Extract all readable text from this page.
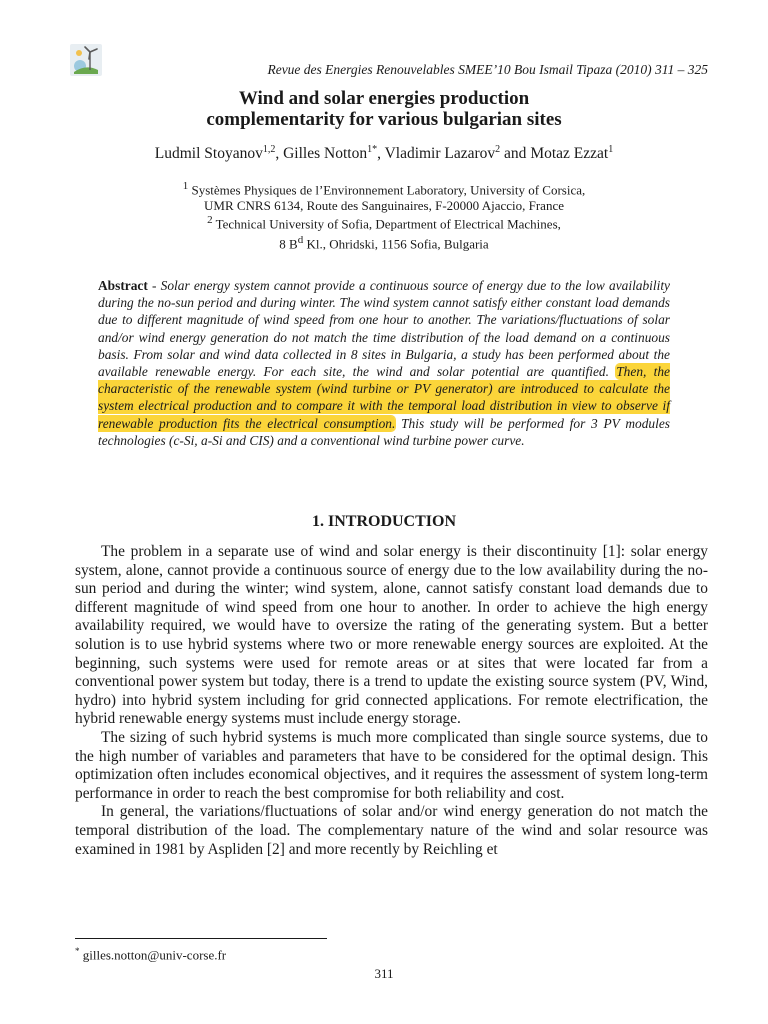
Revue des Energies Renouvelables SMEE’10 Bou Ismail Tipaza (2010) 311 – 325
Wind and solar energies production
complementarity for various bulgarian sites
Ludmil Stoyanov$^{1,2}$, Gilles Notton$^{1*}$, Vladimir Lazarov$^2$ and Motaz Ezzat$^1$
$^1$ Systèmes Physiques de l’Environnement Laboratory, University of Corsica,
UMR CNRS 6134, Route des Sanguinaires, F-20000 Ajaccio, France
$^2$ Technical University of Sofia, Department of Electrical Machines,
8 $B^d$ Kl., Ohridski, 1156 Sofia, Bulgaria

Abstract - Solar energy system cannot provide a continuous source of energy due to the low availability during the no-sun period and during winter. The wind system cannot satisfy either constant load demands due to different magnitude of wind speed from one hour to another. The variations/fluctuations of solar and/or wind energy generation do not match the time distribution of the load demand on a continuous basis. From solar and wind data collected in 8 sites in Bulgaria, a study has been performed about the available renewable energy. For each site, the wind and solar potential are quantified. Then, the characteristic of the renewable system (wind turbine or PV generator) are introduced to calculate the system electrical production and to compare it with the temporal load distribution in view to observe if renewable production fits the electrical consumption. This study will be performed for 3 PV modules technologies (c-Si, a-Si and CIS) and a conventional wind turbine power curve.

1. INTRODUCTION

The problem in a separate use of wind and solar energy is their discontinuity [1]: solar energy system, alone, cannot provide a continuous source of energy due to the low availability during the no-sun period and during the winter; wind system, alone, cannot satisfy constant load demands due to different magnitude of wind speed from one hour to another. In order to achieve the high energy availability required, we would have to oversize the rating of the generating system. But a better solution is to use hybrid systems where two or more renewable energy sources are exploited. At the beginning, such systems were used for remote areas or at sites that were located far from a conventional power system but today, there is a trend to update the existing source system (PV, Wind, hydro) into hybrid system including for grid connected applications. For remote electrification, the hybrid renewable energy systems must include energy storage.

The sizing of such hybrid systems is much more complicated than single source systems, due to the high number of variables and parameters that have to be considered for the optimal design. This optimization often includes economical objectives, and it requires the assessment of system long-term performance in order to reach the best compromise for both reliability and cost.

In general, the variations/fluctuations of solar and/or wind energy generation do not match the temporal distribution of the load. The complementary nature of the wind and solar resource was examined in 1981 by Aspliden [2] and more recently by Reichling et

* gilles.notton@univ-corse.fr
311
